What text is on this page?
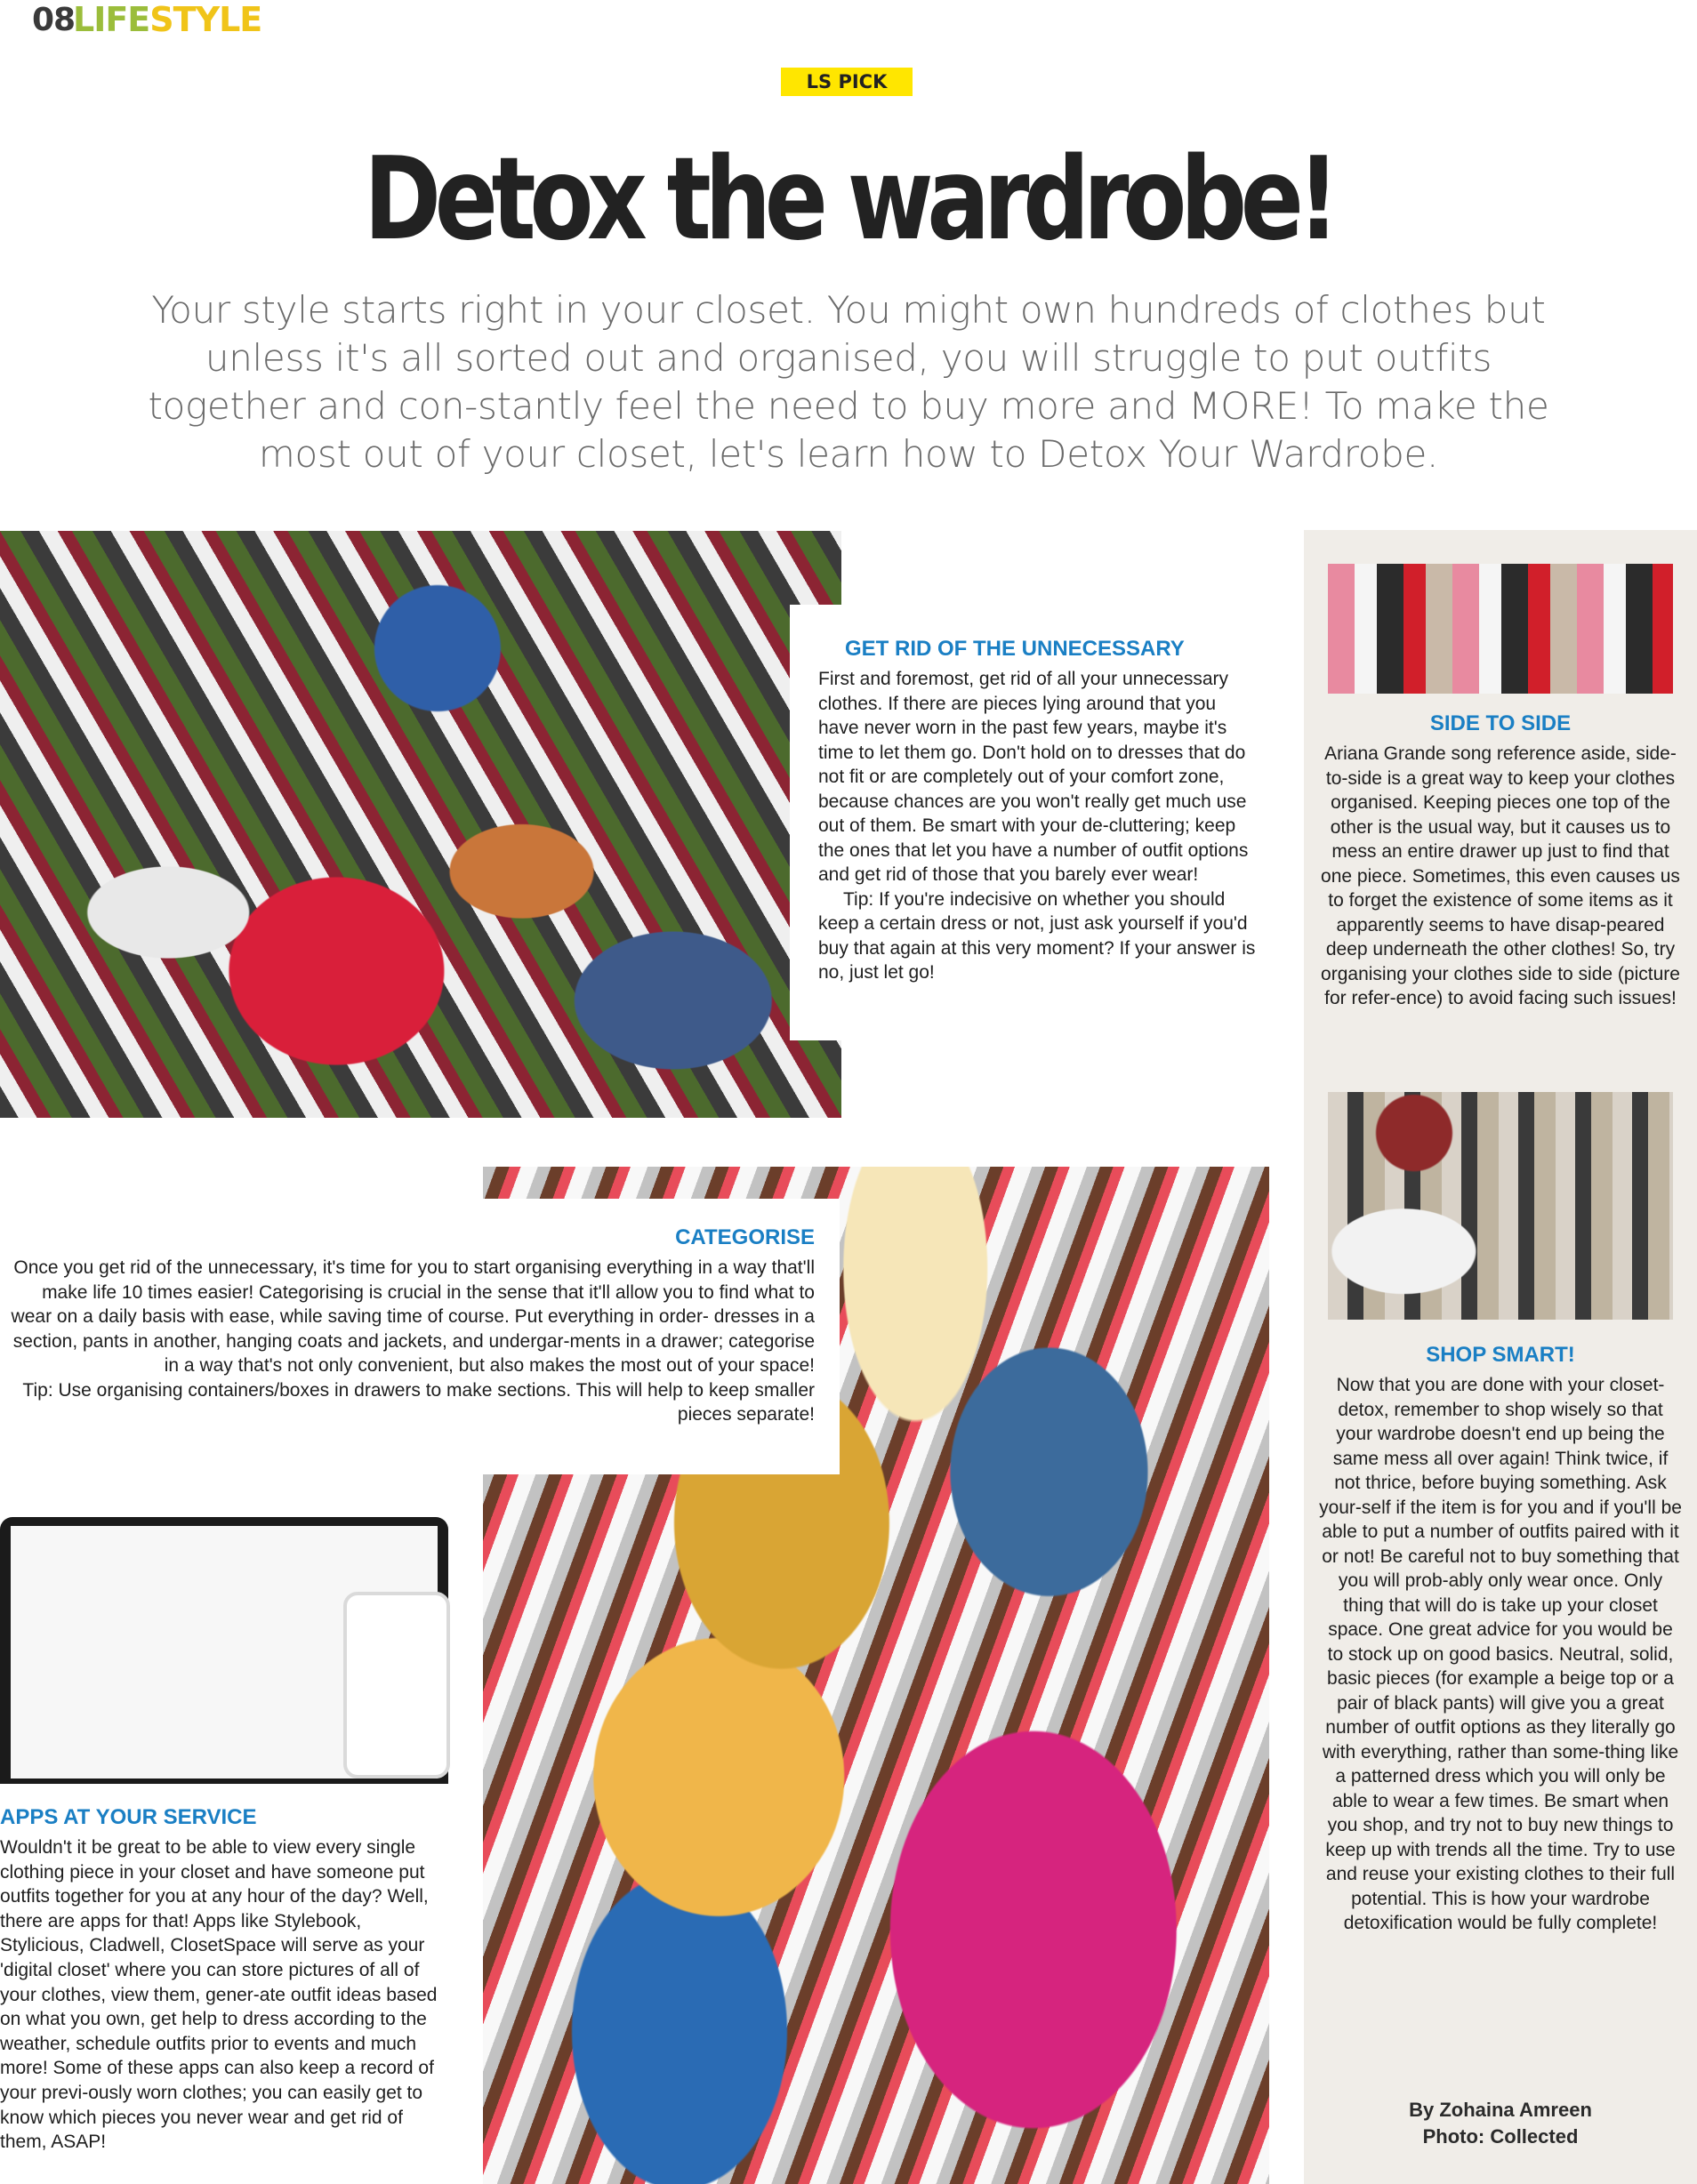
08
LIFESTYLE
LS PICK
Detox the wardrobe!
Your style starts right in your closet. You might own hundreds of clothes but unless it's all sorted out and organised, you will struggle to put outfits together and con-stantly feel the need to buy more and MORE! To make the most out of your closet, let's learn how to Detox Your Wardrobe.
GET RID OF THE UNNECESSARY
First and foremost, get rid of all your unnecessary clothes. If there are pieces lying around that you have never worn in the past few years, maybe it's time to let them go. Don't hold on to dresses that do not fit or are completely out of your comfort zone, because chances are you won't really get much use out of them. Be smart with your de-cluttering; keep the ones that let you have a number of outfit options and get rid of those that you barely ever wear!
Tip: If you're indecisive on whether you should keep a certain dress or not, just ask yourself if you'd buy that again at this very moment? If your answer is no, just let go!
CATEGORISE
Once you get rid of the unnecessary, it's time for you to start organising everything in a way that'll make life 10 times easier! Categorising is crucial in the sense that it'll allow you to find what to wear on a daily basis with ease, while saving time of course. Put everything in order- dresses in a section, pants in another, hanging coats and jackets, and undergar-ments in a drawer; categorise in a way that's not only convenient, but also makes the most out of your space!
Tip: Use organising containers/boxes in drawers to make sections. This will help to keep smaller pieces separate!
APPS AT YOUR SERVICE
Wouldn't it be great to be able to view every single clothing piece in your closet and have someone put outfits together for you at any hour of the day? Well, there are apps for that! Apps like Stylebook, Stylicious, Cladwell, ClosetSpace will serve as your 'digital closet' where you can store pictures of all of your clothes, view them, gener-ate outfit ideas based on what you own, get help to dress according to the weather, schedule outfits prior to events and much more! Some of these apps can also keep a record of your previ-ously worn clothes; you can easily get to know which pieces you never wear and get rid of them, ASAP!
SIDE TO SIDE
Ariana Grande song reference aside, side-to-side is a great way to keep your clothes organised. Keeping pieces one top of the other is the usual way, but it causes us to mess an entire drawer up just to find that one piece. Sometimes, this even causes us to forget the existence of some items as it apparently seems to have disap-peared deep underneath the other clothes! So, try organising your clothes side to side (picture for refer-ence) to avoid facing such issues!
SHOP SMART!
Now that you are done with your closet-detox, remember to shop wisely so that your wardrobe doesn't end up being the same mess all over again! Think twice, if not thrice, before buying something. Ask your-self if the item is for you and if you'll be able to put a number of outfits paired with it or not! Be careful not to buy something that you will prob-ably only wear once. Only thing that will do is take up your closet space. One great advice for you would be to stock up on good basics. Neutral, solid, basic pieces (for example a beige top or a pair of black pants) will give you a great number of outfit options as they literally go with everything, rather than some-thing like a patterned dress which you will only be able to wear a few times. Be smart when you shop, and try not to buy new things to keep up with trends all the time. Try to use and reuse your existing clothes to their full potential. This is how your wardrobe detoxification would be fully complete!
By Zohaina Amreen
Photo: Collected
